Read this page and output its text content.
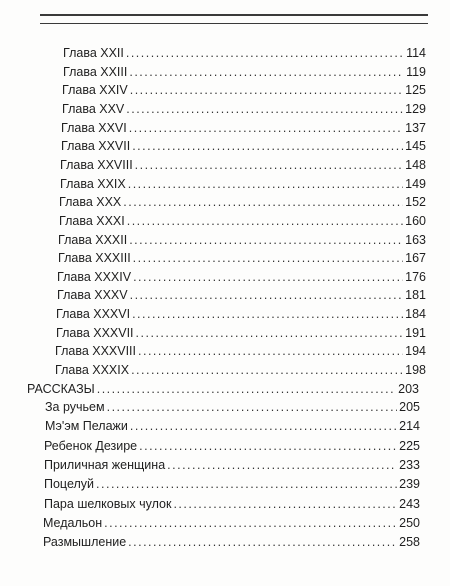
Глава XXII .....	114
Глава XXIII .....	119
Глава XXIV .....	125
Глава XXV .....	129
Глава XXVI .....	137
Глава XXVII .....	145
Глава XXVIII .....	148
Глава XXIX .....	149
Глава XXX .....	152
Глава XXXI .....	160
Глава XXXII .....	163
Глава XXXIII .....	167
Глава XXXIV .....	176
Глава XXXV .....	181
Глава XXXVI .....	184
Глава XXXVII .....	191
Глава XXXVIII .....	194
Глава XXXIX .....	198
РАССКАЗЫ .....	203
За ручьем .....	205
Мэ'эм Пелажи .....	214
Ребенок Дезире .....	225
Приличная женщина .....	233
Поцелуй .....	239
Пара шелковых чулок .....	243
Медальон .....	250
Размышление .....	258
